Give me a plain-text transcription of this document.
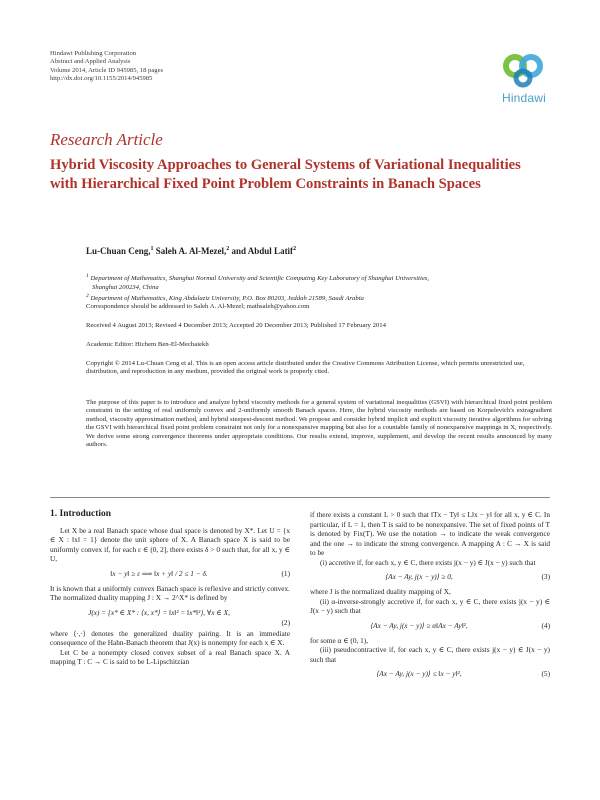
Hindawi Publishing Corporation
Abstract and Applied Analysis
Volume 2014, Article ID 945985, 18 pages
http://dx.doi.org/10.1155/2014/945985
Hindawi
Research Article
Hybrid Viscosity Approaches to General Systems of Variational Inequalities with Hierarchical Fixed Point Problem Constraints in Banach Spaces
Lu-Chuan Ceng,$^1$ Saleh A. Al-Mezel,$^2$ and Abdul Latif$^2$
$^1$ Department of Mathematics, Shanghai Normal University and Scientific Computing Key Laboratory of Shanghai Universities,
Shanghai 200234, China
$^2$ Department of Mathematics, King Abdulaziz University, P.O. Box 80203, Jeddah 21589, Saudi Arabia
Correspondence should be addressed to Saleh A. Al-Mezel; mathsaleh@yahoo.com
Received 4 August 2013; Revised 4 December 2013; Accepted 20 December 2013; Published 17 February 2014
Academic Editor: Hichem Ben-El-Mechaiekh
Copyright © 2014 Lu-Chuan Ceng et al. This is an open access article distributed under the Creative Commons Attribution License, which permits unrestricted use, distribution, and reproduction in any medium, provided the original work is properly cited.
The purpose of this paper is to introduce and analyze hybrid viscosity methods for a general system of variational inequalities (GSVI) with hierarchical fixed point problem constraint in the setting of real uniformly convex and 2-uniformly smooth Banach spaces. Here, the hybrid viscosity methods are based on Korpelevich's extragradient method, viscosity approximation method, and hybrid steepest-descent method. We propose and consider hybrid implicit and explicit viscosity iterative algorithms for solving the GSVI with hierarchical fixed point problem constraint not only for a nonexpansive mapping but also for a countable family of nonexpansive mappings in X, respectively. We derive some strong convergence theorems under appropriate conditions. Our results extend, improve, supplement, and develop the recent results announced by many authors.

1. Introduction

Let X be a real Banach space whose dual space is denoted by X*. Let U = {x ∈ X : ‖x‖ = 1} denote the unit sphere of X. A Banach space X is said to be uniformly convex if, for each ε ∈ (0, 2], there exists δ > 0 such that, for all x, y ∈ U,

‖x − y‖ ≥ ε ⟹ ‖x + y‖ / 2 ≤ 1 − δ.	(1)

It is known that a uniformly convex Banach space is reflexive and strictly convex. The normalized duality mapping J : X → 2^X* is defined by

J(x) = {x* ∈ X* : ⟨x, x*⟩ = ‖x‖² = ‖x*‖²}, ∀x ∈ X,
(2)

where ⟨·,·⟩ denotes the generalized duality pairing. It is an immediate consequence of the Hahn-Banach theorem that J(x) is nonempty for each x ∈ X.

Let C be a nonempty closed convex subset of a real Banach space X. A mapping T : C → C is said to be L-Lipschitzian

if there exists a constant L > 0 such that ‖Tx − Ty‖ ≤ L‖x − y‖ for all x, y ∈ C. In particular, if L = 1, then T is said to be nonexpansive. The set of fixed points of T is denoted by Fix(T). We use the notation → to indicate the weak convergence and the one → to indicate the strong convergence. A mapping A : C → X is said to be

(i) accretive if, for each x, y ∈ C, there exists j(x − y) ∈ J(x − y) such that

⟨Ax − Ay, j(x − y)⟩ ≥ 0,	(3)

where J is the normalized duality mapping of X,

(ii) α-inverse-strongly accretive if, for each x, y ∈ C, there exists j(x − y) ∈ J(x − y) such that

⟨Ax − Ay, j(x − y)⟩ ≥ α‖Ax − Ay‖²,	(4)

for some α ∈ (0, 1),

(iii) pseudocontractive if, for each x, y ∈ C, there exists j(x − y) ∈ J(x − y) such that

⟨Ax − Ay, j(x − y)⟩ ≤ ‖x − y‖²,	(5)
